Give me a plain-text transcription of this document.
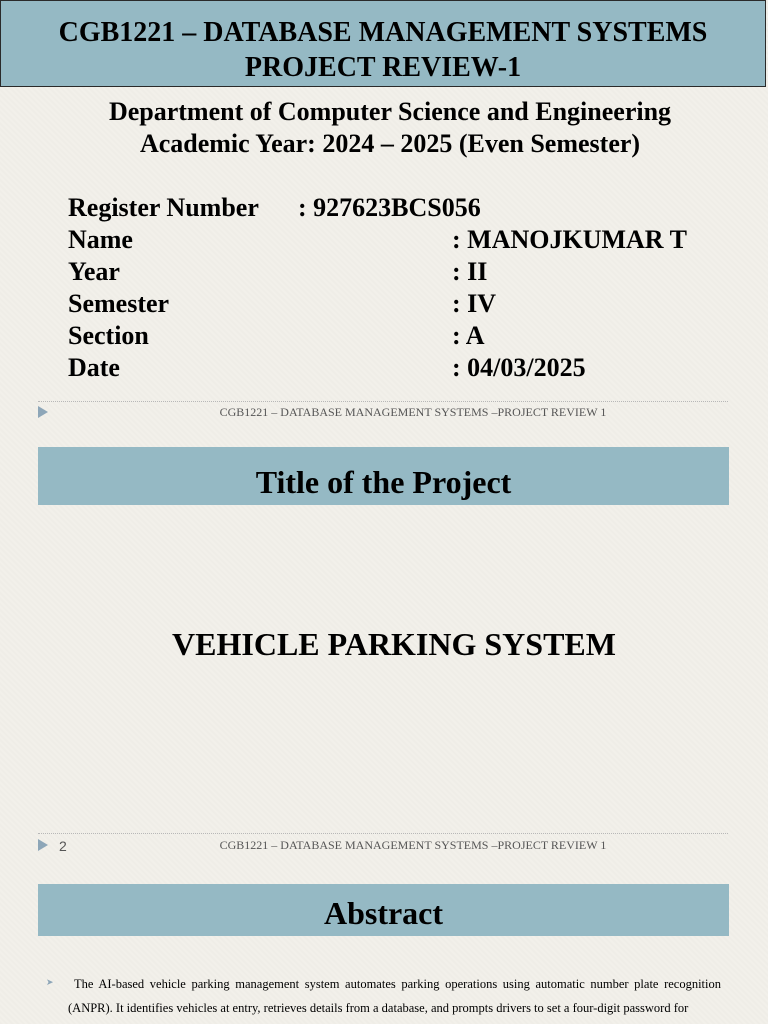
CGB1221 – DATABASE MANAGEMENT SYSTEMS
PROJECT REVIEW-1
Department of Computer Science and Engineering
Academic Year: 2024 – 2025 (Even Semester)
Register Number : 927623BCS056
Name	: MANOJKUMAR T
Year	: II
Semester	: IV
Section	: A
Date	: 04/03/2025
CGB1221 – DATABASE MANAGEMENT SYSTEMS –PROJECT REVIEW 1
Title of the Project
VEHICLE PARKING SYSTEM
2	CGB1221 – DATABASE MANAGEMENT SYSTEMS –PROJECT REVIEW 1
Abstract
➤	The AI-based vehicle parking management system automates parking operations using automatic number plate recognition (ANPR). It identifies vehicles at entry, retrieves details from a database, and prompts drivers to set a four-digit password for
